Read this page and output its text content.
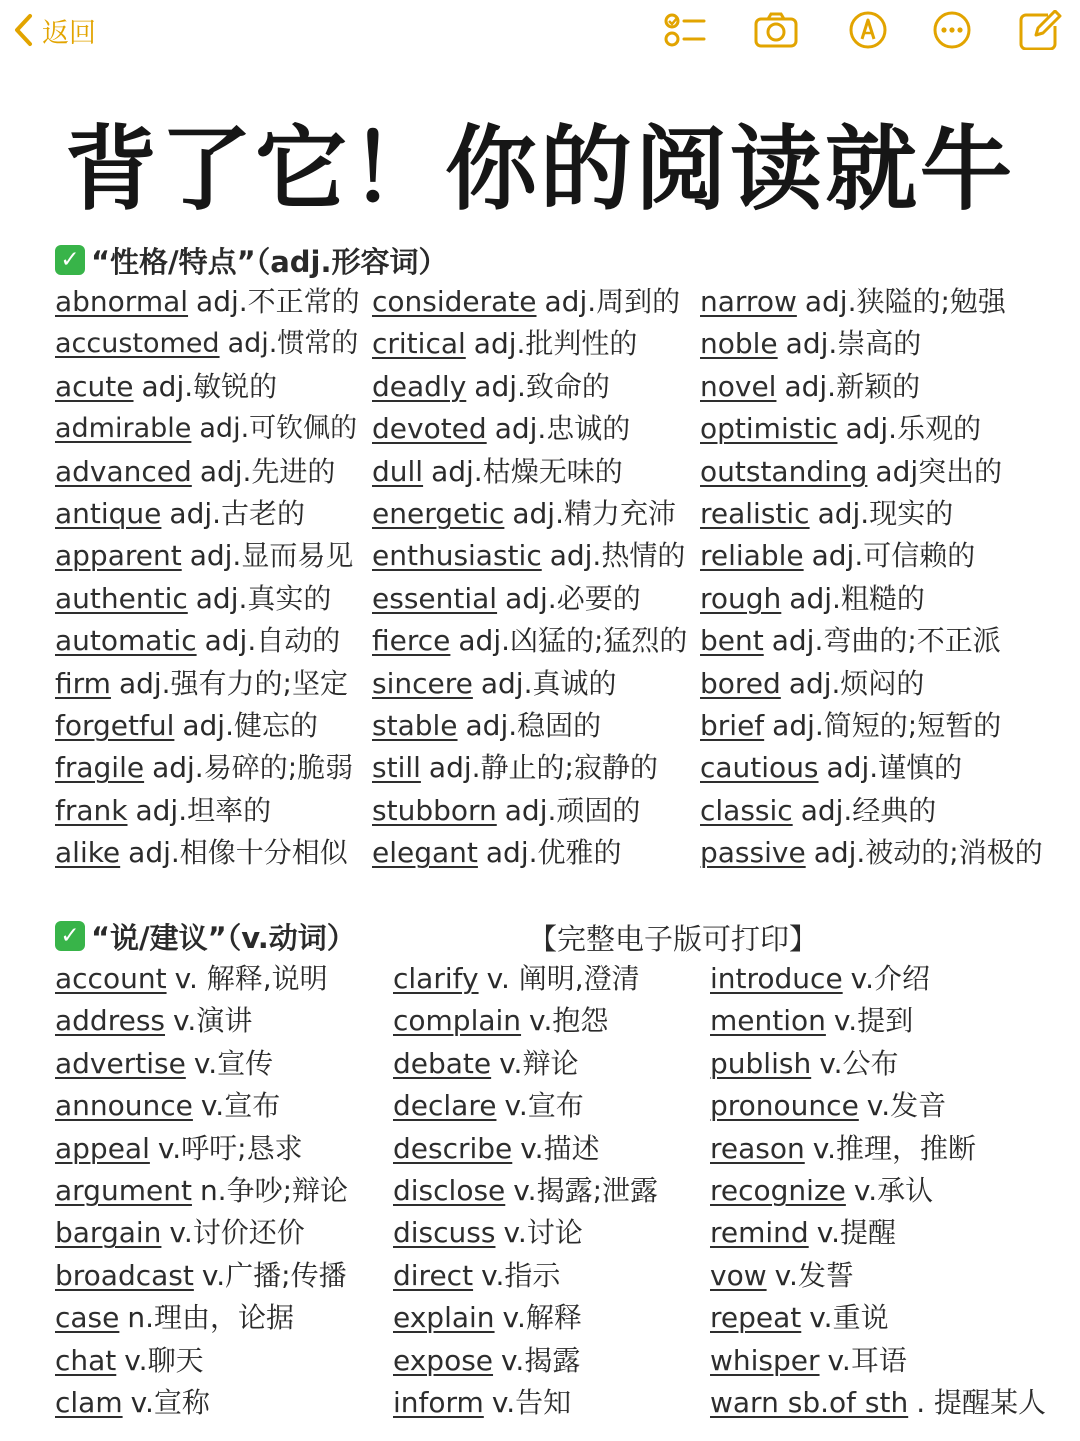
返回
背了它！你的阅读就牛
✓ “性格/特点”（adj.形容词）
abnormal adj.不正常的
accustomed adj.惯常的
acute adj.敏锐的
admirable adj.可钦佩的
advanced adj.先进的
antique adj.古老的
apparent adj.显而易见
authentic adj.真实的
automatic adj.自动的
firm adj.强有力的;坚定
forgetful adj.健忘的
fragile adj.易碎的;脆弱
frank adj.坦率的
alike adj.相像十分相似
considerate adj.周到的
critical adj.批判性的
deadly adj.致命的
devoted adj.忠诚的
dull adj.枯燥无味的
energetic adj.精力充沛
enthusiastic adj.热情的
essential adj.必要的
fierce adj.凶猛的;猛烈的
sincere adj.真诚的
stable adj.稳固的
still adj.静止的;寂静的
stubborn adj.顽固的
elegant adj.优雅的
narrow adj.狭隘的;勉强
noble adj.崇高的
novel adj.新颖的
optimistic adj.乐观的
outstanding adj突出的
realistic adj.现实的
reliable adj.可信赖的
rough adj.粗糙的
bent adj.弯曲的;不正派
bored adj.烦闷的
brief adj.简短的;短暂的
cautious adj.谨慎的
classic adj.经典的
passive adj.被动的;消极的
✓ “说/建议”（v.动词）	【完整电子版可打印】
account v. 解释,说明
address v.演讲
advertise v.宣传
announce v.宣布
appeal v.呼吁;恳求
argument n.争吵;辩论
bargain v.讨价还价
broadcast v.广播;传播
case n.理由，论据
chat v.聊天
clam v.宣称
clarify v. 阐明,澄清
complain v.抱怨
debate v.辩论
declare v.宣布
describe v.描述
disclose v.揭露;泄露
discuss v.讨论
direct v.指示
explain v.解释
expose v.揭露
inform v.告知
introduce v.介绍
mention v.提到
publish v.公布
pronounce v.发音
reason v.推理，推断
recognize v.承认
remind v.提醒
vow v.发誓
repeat v.重说
whisper v.耳语
warn sb.of sth . 提醒某人
